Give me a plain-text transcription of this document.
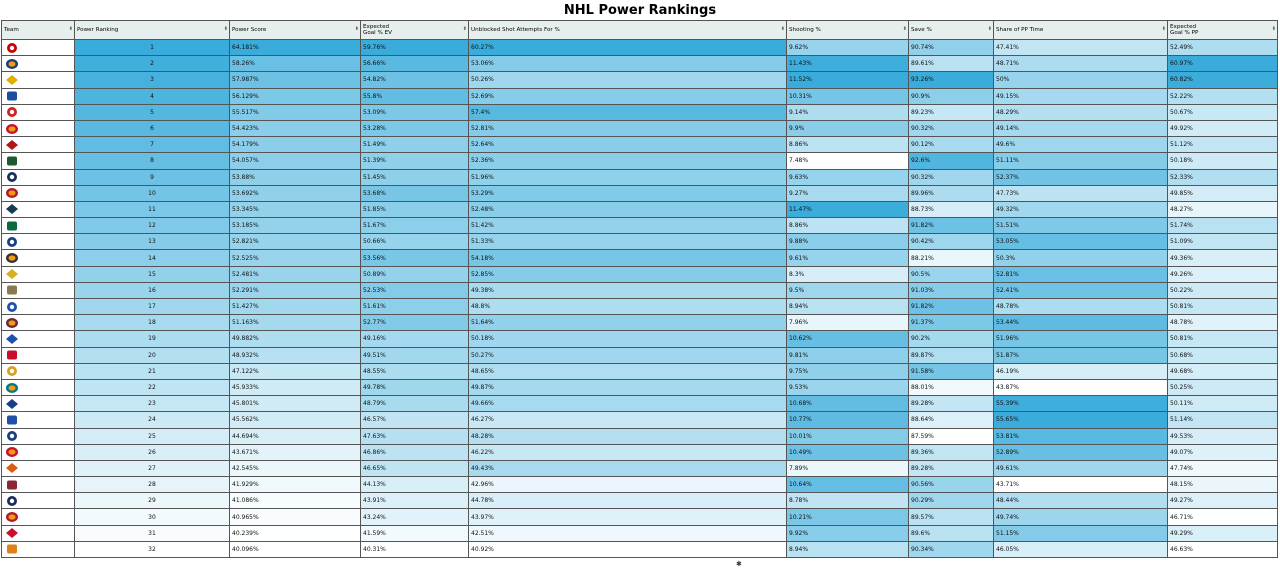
NHL Power Rankings
Team ⬍	Power Ranking ⬍	Power Score ⬍	Expected
Goal % EV
⬍	Unblocked Shot Attempts For % ⬍	Shooting % ⬍	Save % ⬍	Share of PP Time ⬍	Expected
Goal % PP
⬍

	1	64.181%	59.76%	60.27%	9.62%	90.74%	47.41%	52.49%

	2	58.26%	56.66%	53.06%	11.43%	89.61%	48.71%	60.97%

	3	57.987%	54.82%	50.26%	11.52%	93.26%	50%	60.82%

	4	56.129%	55.8%	52.69%	10.31%	90.9%	49.15%	52.22%

	5	55.517%	53.09%	57.4%	9.14%	89.23%	48.29%	50.67%

	6	54.423%	53.28%	52.81%	9.9%	90.32%	49.14%	49.92%

	7	54.179%	51.49%	52.64%	8.86%	90.12%	49.6%	51.12%

	8	54.057%	51.39%	52.36%	7.48%	92.6%	51.11%	50.18%

	9	53.88%	51.45%	51.96%	9.63%	90.32%	52.37%	52.33%

	10	53.692%	53.68%	53.29%	9.27%	89.96%	47.73%	49.85%

	11	53.345%	51.85%	52.48%	11.47%	88.73%	49.32%	48.27%

	12	53.185%	51.67%	51.42%	8.86%	91.82%	51.51%	51.74%

	13	52.821%	50.66%	51.33%	9.88%	90.42%	53.05%	51.09%

	14	52.525%	53.56%	54.18%	9.61%	88.21%	50.3%	49.36%

	15	52.481%	50.89%	52.85%	8.3%	90.5%	52.81%	49.26%

	16	52.291%	52.53%	49.38%	9.5%	91.03%	52.41%	50.22%

	17	51.427%	51.61%	48.8%	8.94%	91.82%	48.78%	50.81%

	18	51.163%	52.77%	51.64%	7.96%	91.37%	53.44%	48.78%

	19	49.882%	49.16%	50.18%	10.62%	90.2%	51.96%	50.81%

	20	48.932%	49.51%	50.27%	9.81%	89.87%	51.87%	50.68%

	21	47.122%	48.55%	48.65%	9.75%	91.58%	46.19%	49.68%

	22	45.933%	49.78%	49.87%	9.53%	88.01%	43.87%	50.25%

	23	45.801%	48.79%	49.66%	10.68%	89.28%	55.39%	50.11%

	24	45.562%	46.57%	46.27%	10.77%	88.64%	55.65%	51.14%

	25	44.694%	47.63%	48.28%	10.01%	87.59%	53.81%	49.53%

	26	43.671%	46.86%	46.22%	10.49%	89.36%	52.89%	49.07%

	27	42.545%	46.65%	49.43%	7.89%	89.28%	49.61%	47.74%

	28	41.929%	44.13%	42.96%	10.64%	90.56%	43.71%	48.15%

	29	41.086%	43.91%	44.78%	8.78%	90.29%	48.44%	49.27%

	30	40.965%	43.24%	43.97%	10.21%	89.57%	49.74%	46.71%

	31	40.239%	41.59%	42.51%	9.92%	89.6%	51.15%	49.29%

	32	40.096%	40.31%	40.92%	8.94%	90.34%	46.05%	46.63%
✱
